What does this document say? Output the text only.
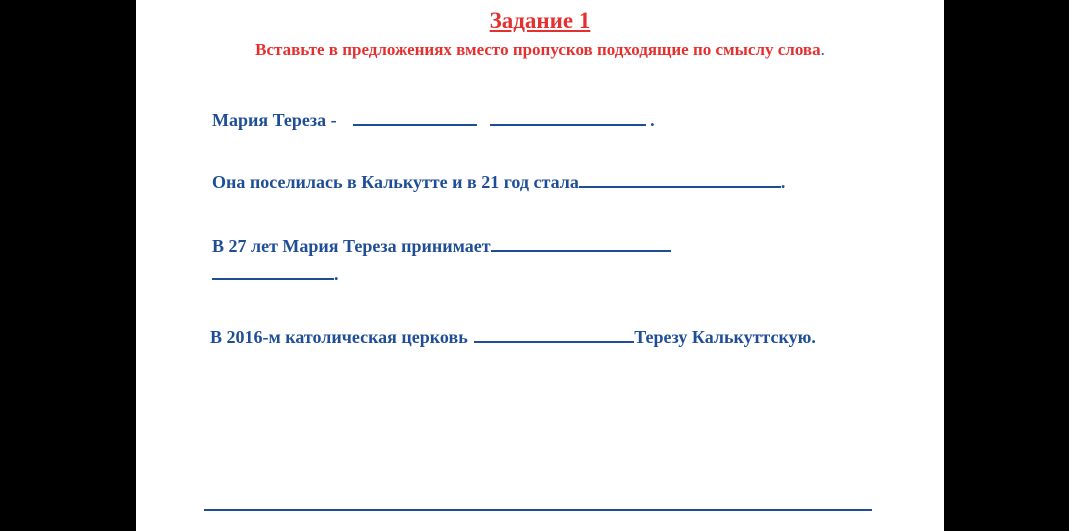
Задание 1

Вставьте в предложениях вместо пропусков подходящие по смыслу слова.

Мария Тереза -	.

Она поселилась в Калькутте и в 21 год стала	.

В 27 лет Мария Тереза принимает

.

В 2016-м католическая церковь	Терезу Калькуттскую.
